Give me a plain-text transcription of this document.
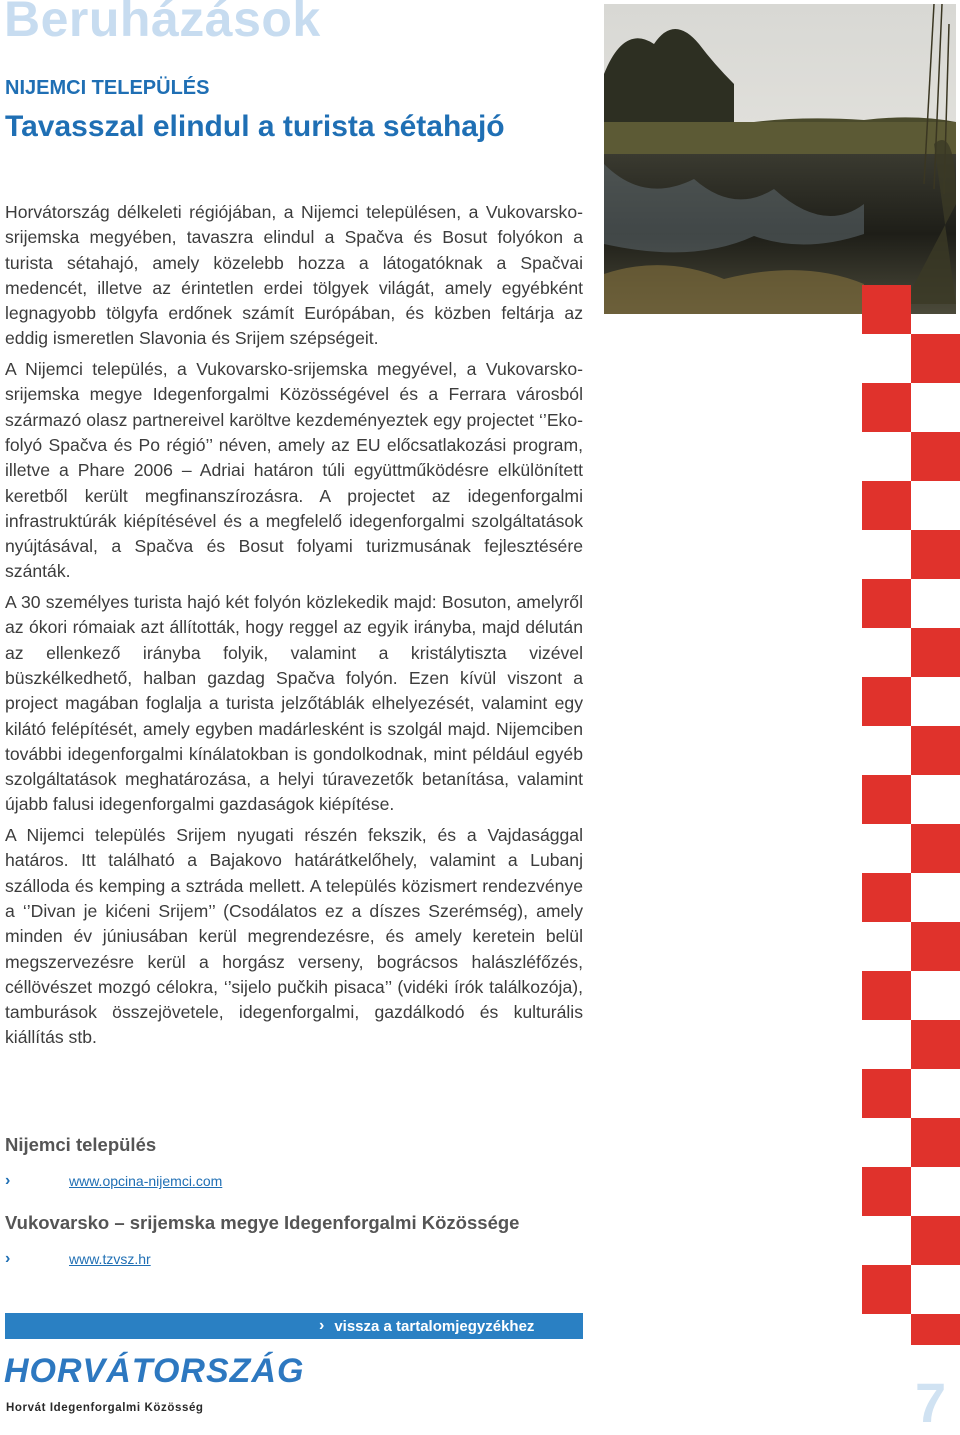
Beruházások
NIJEMCI TELEPÜLÉS
Tavasszal elindul a turista sétahajó

Horvátország délkeleti régiójában, a Nijemci településen, a Vukovarsko-srijemska megyében, tavaszra elindul a Spačva és Bosut folyókon a turista sétahajó, amely közelebb hozza a látogatóknak a Spačvai medencét, illetve az érintetlen erdei tölgyek világát, amely egyébként legnagyobb tölgyfa erdőnek számít Európában, és közben feltárja az eddig ismeretlen Slavonia és Srijem szépségeit.

A Nijemci település, a Vukovarsko-srijemska megyével, a Vukovarsko-srijemska megye Idegenforgalmi Közösségével és a Ferrara városból származó olasz partnereivel karöltve kezdeményeztek egy projectet ‘’Eko-folyó Spačva és Po régió’’ néven, amely az EU előcsatlakozási program, illetve a Phare 2006 – Adriai határon túli együttműködésre elkülönített keretből került megfinanszírozásra. A projectet az idegenforgalmi infrastruktúrák kiépítésével és a megfelelő idegenforgalmi szolgáltatások nyújtásával, a Spačva és Bosut folyami turizmusának fejlesztésére szánták.

A 30 személyes turista hajó két folyón közlekedik majd: Bosuton, amelyről az ókori rómaiak azt állították, hogy reggel az egyik irányba, majd délután az ellenkező irányba folyik, valamint a kristálytiszta vizével büszkélkedhető, halban gazdag Spačva folyón. Ezen kívül viszont a project magában foglalja a turista jelzőtáblák elhelyezését, valamint egy kilátó felépítését, amely egyben madárlesként is szolgál majd. Nijemciben további idegenforgalmi kínálatokban is gondolkodnak, mint például egyéb szolgáltatások meghatározása, a helyi túravezetők betanítása, valamint újabb falusi idegenforgalmi gazdaságok kiépítése.

A Nijemci település Srijem nyugati részén fekszik, és a Vajdasággal határos. Itt található a Bajakovo határátkelőhely, valamint a Lubanj szálloda és kemping a sztráda mellett. A település közismert rendezvénye a ‘’Divan je kićeni Srijem’’ (Csodálatos ez a díszes Szerémség), amely minden év júniusában kerül megrendezésre, és amely keretein belül megszervezésre kerül a horgász verseny, bográcsos halászléfőzés, céllövészet mozgó célokra, ‘’sijelo pučkih pisaca’’ (vidéki írók találkozója), tamburások összejövetele, idegenforgalmi, gazdálkodó és kulturális kiállítás stb.

Nijemci település

›	www.opcina-nijemci.com

Vukovarsko – srijemska megye Idegenforgalmi Közössége

›	www.tzvsz.hr
› vissza a tartalomjegyzékhez
HORVÁTORSZÁG
Horvát Idegenforgalmi Közösség	7
